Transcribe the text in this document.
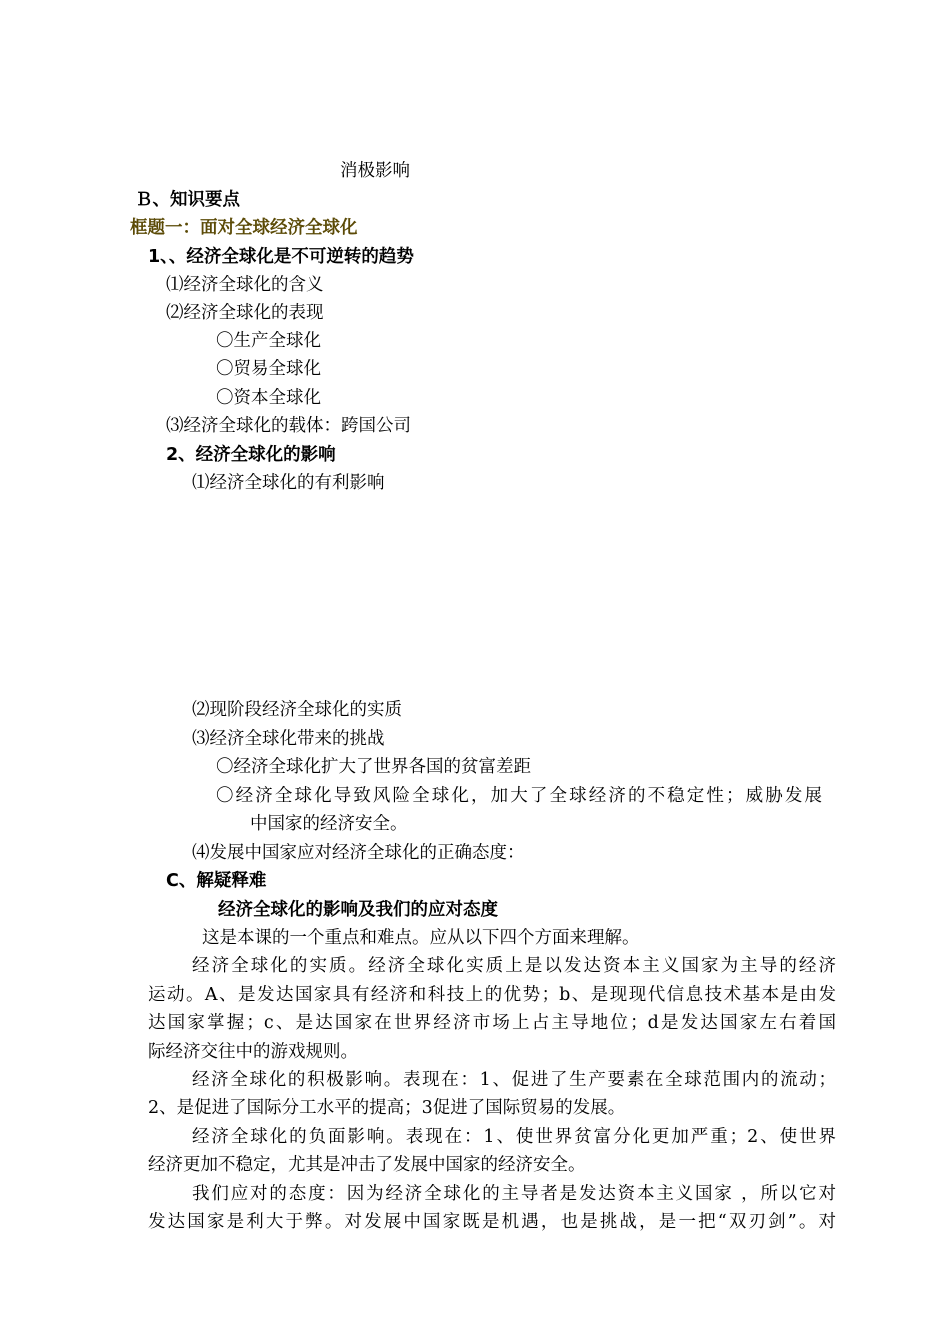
消极影响
Ｂ、知识要点
框题一：面对全球经济全球化
1、、经济全球化是不可逆转的趋势
⑴经济全球化的含义
⑵经济全球化的表现
〇生产全球化
〇贸易全球化
〇资本全球化
⑶经济全球化的载体：跨国公司
2、经济全球化的影响
⑴经济全球化的有利影响
⑵现阶段经济全球化的实质
⑶经济全球化带来的挑战
〇经济全球化扩大了世界各国的贫富差距
〇经济全球化导致风险全球化，加大了全球经济的不稳定性；威胁发展
中国家的经济安全。
⑷发展中国家应对经济全球化的正确态度：
C、解疑释难
经济全球化的影响及我们的应对态度
这是本课的一个重点和难点。应从以下四个方面来理解。
经济全球化的实质。经济全球化实质上是以发达资本主义国家为主导的经济
运动。A、是发达国家具有经济和科技上的优势；b、是现现代信息技术基本是由发
达国家掌握；c、是达国家在世界经济市场上占主导地位；d是发达国家左右着国
际经济交往中的游戏规则。
经济全球化的积极影响。表现在：1、促进了生产要素在全球范围内的流动；
2、是促进了国际分工水平的提高；3促进了国际贸易的发展。
经济全球化的负面影响。表现在：1、使世界贫富分化更加严重；2、使世界
经济更加不稳定，尤其是冲击了发展中国家的经济安全。
我们应对的态度：因为经济全球化的主导者是发达资本主义国家 ，所以它对
发达国家是利大于弊。对发展中国家既是机遇，也是挑战，是一把“双刃剑”。对
